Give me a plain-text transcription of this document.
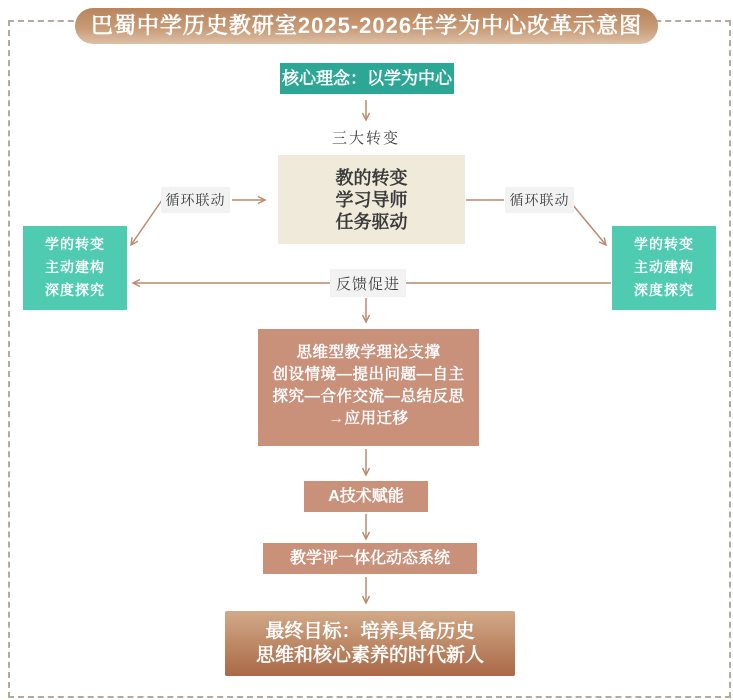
巴蜀中学历史教研室2025-2026年学为中心改革示意图
核心理念：以学为中心
三大转变
教的转变
学习导师
任务驱动
学的转变
主动建构
深度探究
学的转变
主动建构
深度探究
循环联动	循环联动
反馈促进
思维型教学理论支撑
创设情境—提出问题—自主
探究—合作交流—总结反思
→应用迁移
A技术赋能
教学评一体化动态系统
最终目标：培养具备历史
思维和核心素养的时代新人
